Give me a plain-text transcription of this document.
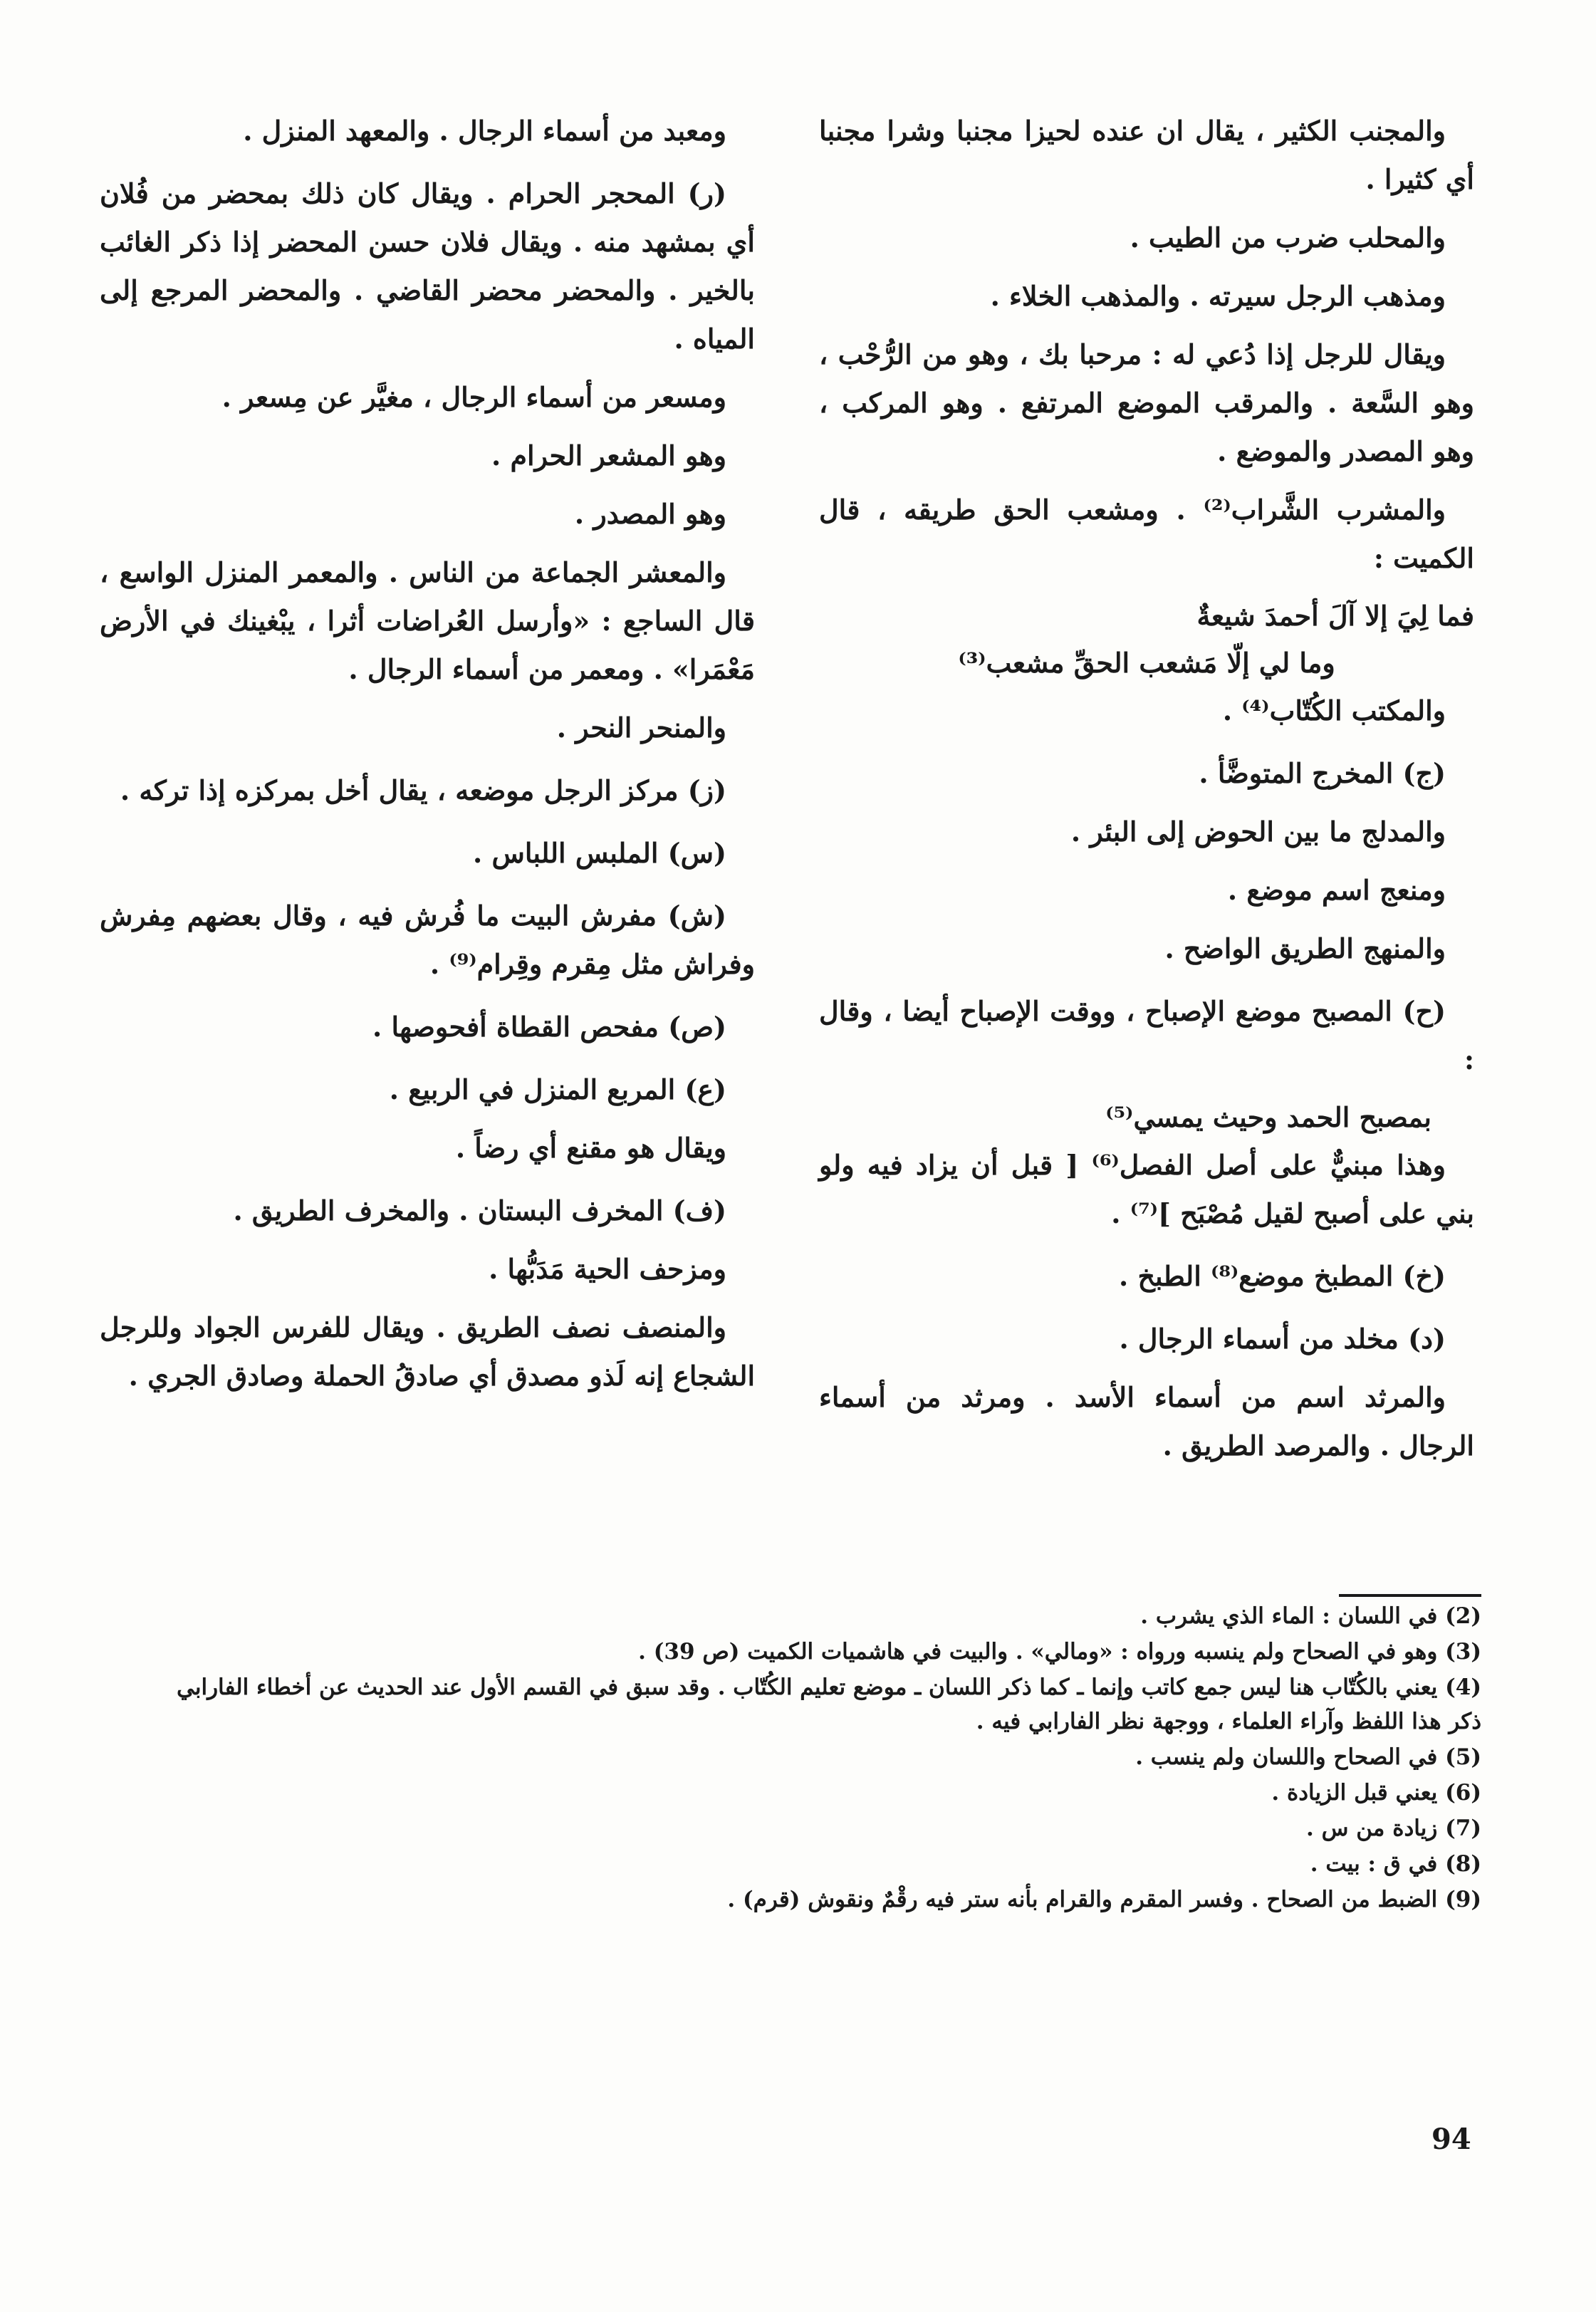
والمجنب الكثير ، يقال ان عنده لحيزا مجنبا وشرا مجنبا أي كثيرا .

والمحلب ضرب من الطيب .

ومذهب الرجل سيرته . والمذهب الخلاء .

ويقال للرجل إذا دُعي له : مرحبا بك ، وهو من الرُّحْب ، وهو السَّعة . والمرقب الموضع المرتفع . وهو المركب ، وهو المصدر والموضع .

والمشرب الشَّراب⁽²⁾ . ومشعب الحق طريقه ، قال الكميت :

فما لِيَ إلا آلَ أحمدَ شيعةٌ

وما لي إلّا مَشعب الحقِّ مشعب⁽³⁾

والمكتب الكُتّاب⁽⁴⁾ .

(ج) المخرج المتوضَّأ .

والمدلج ما بين الحوض إلى البئر .

ومنعج اسم موضع .

والمنهج الطريق الواضح .

(ح) المصبح موضع الإصباح ، ووقت الإصباح أيضا ، وقال :

بمصبح الحمد وحيث يمسي⁽⁵⁾

وهذا مبنيٌّ على أصل الفصل⁽⁶⁾ [ قبل أن يزاد فيه ولو بني على أصبح لقيل مُصْبَح ]⁽⁷⁾ .

(خ) المطبخ موضع⁽⁸⁾ الطبخ .

(د) مخلد من أسماء الرجال .

والمرثد اسم من أسماء الأسد . ومرثد من أسماء الرجال . والمرصد الطريق .

ومعبد من أسماء الرجال . والمعهد المنزل .

(ر) المحجر الحرام . ويقال كان ذلك بمحضر من فُلان أي بمشهد منه . ويقال فلان حسن المحضر إذا ذكر الغائب بالخير . والمحضر محضر القاضي . والمحضر المرجع إلى المياه .

ومسعر من أسماء الرجال ، مغيَّر عن مِسعر .

وهو المشعر الحرام .

وهو المصدر .

والمعشر الجماعة من الناس . والمعمر المنزل الواسع ، قال الساجع : «وأرسل العُراضات أثرا ، يبْغينك في الأرض مَعْمَرا» . ومعمر من أسماء الرجال .

والمنحر النحر .

(ز) مركز الرجل موضعه ، يقال أخل بمركزه إذا تركه .

(س) الملبس اللباس .

(ش) مفرش البيت ما فُرش فيه ، وقال بعضهم مِفرش وفراش مثل مِقرم وقِرام⁽⁹⁾ .

(ص) مفحص القطاة أفحوصها .

(ع) المربع المنزل في الربيع .

ويقال هو مقنع أي رضاً .

(ف) المخرف البستان . والمخرف الطريق .

ومزحف الحية مَدَبُّها .

والمنصف نصف الطريق . ويقال للفرس الجواد وللرجل الشجاع إنه لَذو مصدق أي صادقُ الحملة وصادق الجري .

(2) في اللسان : الماء الذي يشرب .

(3) وهو في الصحاح ولم ينسبه ورواه : «ومالي» . والبيت في هاشميات الكميت (ص 39) .

(4) يعني بالكُتّاب هنا ليس جمع كاتب وإنما ـ كما ذكر اللسان ـ موضع تعليم الكُتّاب . وقد سبق في القسم الأول عند الحديث عن أخطاء الفارابي ذكر هذا اللفظ وآراء العلماء ، ووجهة نظر الفارابي فيه .

(5) في الصحاح واللسان ولم ينسب .

(6) يعني قبل الزيادة .

(7) زيادة من س .

(8) في ق : بيت .

(9) الضبط من الصحاح . وفسر المقرم والقرام بأنه ستر فيه رقْمٌ ونقوش (قرم) .

94
